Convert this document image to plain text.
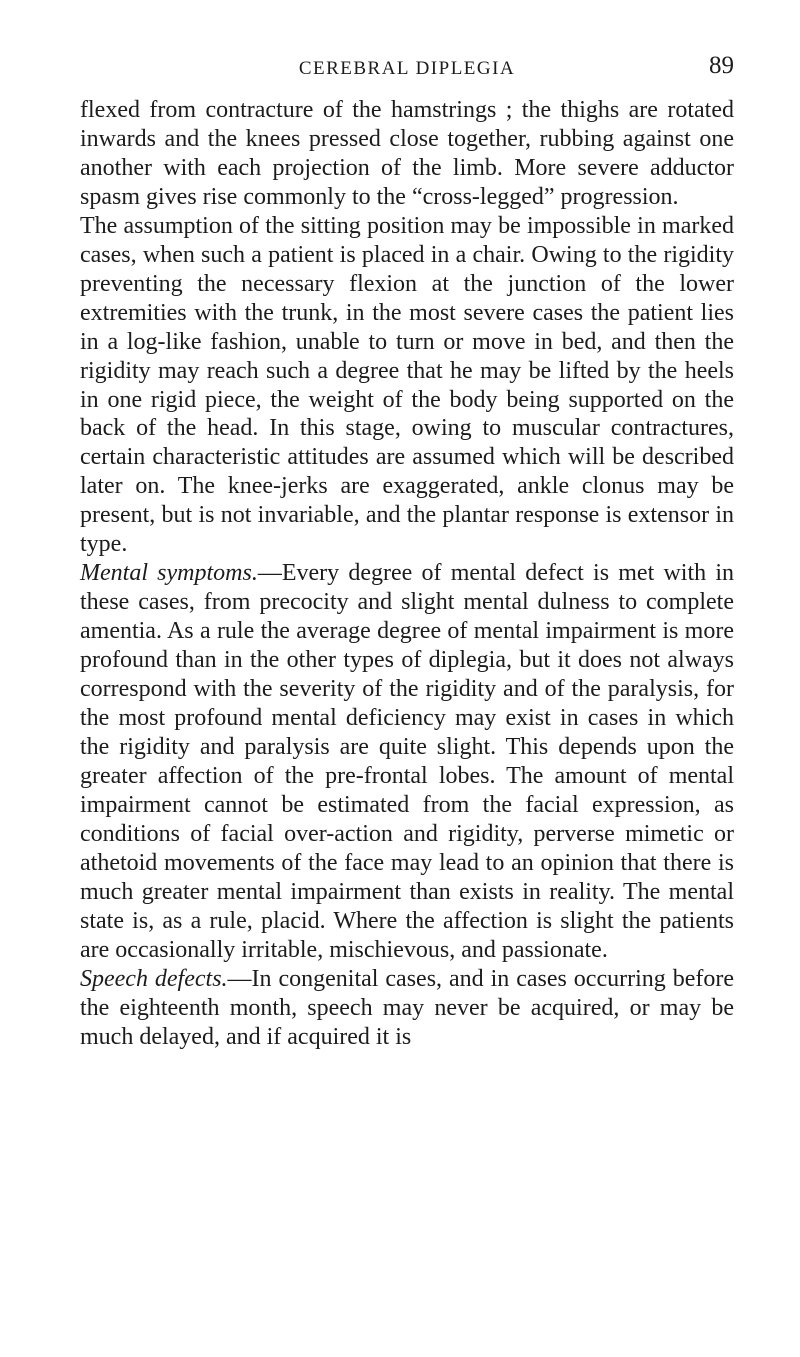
CEREBRAL DIPLEGIA	89

flexed from contracture of the hamstrings ; the thighs are rotated inwards and the knees pressed close together, rubbing against one another with each projection of the limb. More severe adductor spasm gives rise commonly to the “cross-legged” progression.

The assumption of the sitting position may be impossible in marked cases, when such a patient is placed in a chair. Owing to the rigidity preventing the necessary flexion at the junction of the lower extremities with the trunk, in the most severe cases the patient lies in a log-like fashion, unable to turn or move in bed, and then the rigidity may reach such a degree that he may be lifted by the heels in one rigid piece, the weight of the body being supported on the back of the head. In this stage, owing to muscular contractures, certain characteristic attitudes are assumed which will be described later on. The knee-jerks are exaggerated, ankle clonus may be present, but is not invariable, and the plantar response is extensor in type.

Mental symptoms.—Every degree of mental defect is met with in these cases, from precocity and slight mental dulness to complete amentia. As a rule the average degree of mental impairment is more profound than in the other types of diplegia, but it does not always correspond with the severity of the rigidity and of the paralysis, for the most profound mental deficiency may exist in cases in which the rigidity and paralysis are quite slight. This depends upon the greater affection of the pre-frontal lobes. The amount of mental impairment cannot be estimated from the facial expression, as conditions of facial over-action and rigidity, perverse mimetic or athetoid movements of the face may lead to an opinion that there is much greater mental impairment than exists in reality. The mental state is, as a rule, placid. Where the affection is slight the patients are occasionally irritable, mischievous, and passionate.

Speech defects.—In congenital cases, and in cases occurring before the eighteenth month, speech may never be acquired, or may be much delayed, and if acquired it is
